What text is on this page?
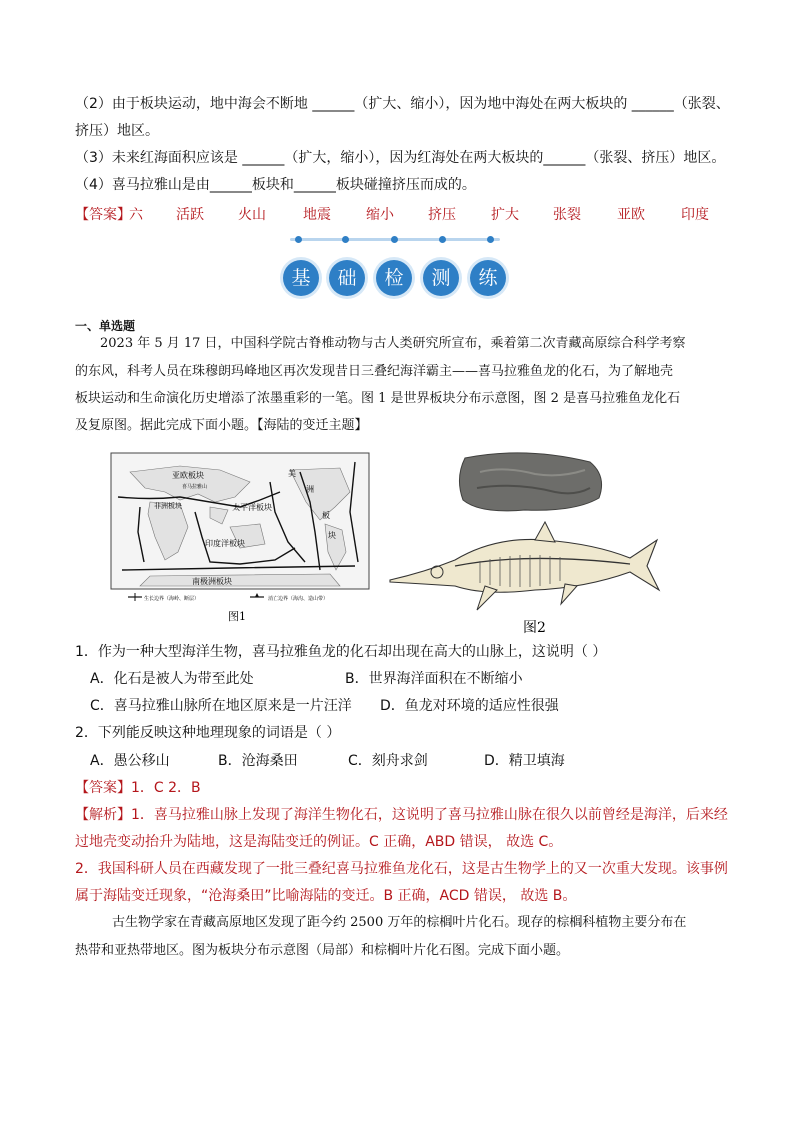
（2）由于板块运动，地中海会不断地 ______（扩大、缩小），因为地中海处在两大板块的 ______（张裂、
挤压）地区。
（3）未来红海面积应该是 ______（扩大，缩小），因为红海处在两大板块的______（张裂、挤压）地区。
（4）喜马拉雅山是由______板块和______板块碰撞挤压而成的。
【答案】
六 活跃 火山	地震	缩小 挤压	扩大 张裂	亚欧	印度
基	础	检	测	练
一、单选题
2023 年 5 月 17 日，中国科学院古脊椎动物与古人类研究所宣布，乘着第二次青藏高原综合科学考察
的东风，科考人员在珠穆朗玛峰地区再次发现昔日三叠纪海洋霸主——喜马拉雅鱼龙的化石，为了解地壳
板块运动和生命演化历史增添了浓墨重彩的一笔。图 1 是世界板块分布示意图，图 2 是喜马拉雅鱼龙化石
及复原图。据此完成下面小题。【海陆的变迁主题】
亚欧板块
喜马拉雅山
非洲板块	太平洋板块
印度洋板块
南极洲板块
美
洲
板
块
生长边界（海岭、断层）	消亡边界（海沟、造山带）
图1
图2
1．作为一种大型海洋生物，喜马拉雅鱼龙的化石却出现在高大的山脉上，这说明（ ）
A．化石是被人为带至此处	B．世界海洋面积在不断缩小
C．喜马拉雅山脉所在地区原来是一片汪洋 D．鱼龙对环境的适应性很强
2．下列能反映这种地理现象的词语是（ ）
A．愚公移山	B．沧海桑田	C．刻舟求剑	D．精卫填海
【答案】1．C 2．B
【解析】1．喜马拉雅山脉上发现了海洋生物化石，这说明了喜马拉雅山脉在很久以前曾经是海洋，后来经
过地壳变动抬升为陆地，这是海陆变迁的例证。C 正确，ABD 错误， 故选 C。
2．我国科研人员在西藏发现了一批三叠纪喜马拉雅鱼龙化石，这是古生物学上的又一次重大发现。该事例
属于海陆变迁现象，“沧海桑田”比喻海陆的变迁。B 正确，ACD 错误， 故选 B。
古生物学家在青藏高原地区发现了距今约 2500 万年的棕榈叶片化石。现存的棕榈科植物主要分布在
热带和亚热带地区。图为板块分布示意图（局部）和棕榈叶片化石图。完成下面小题。
